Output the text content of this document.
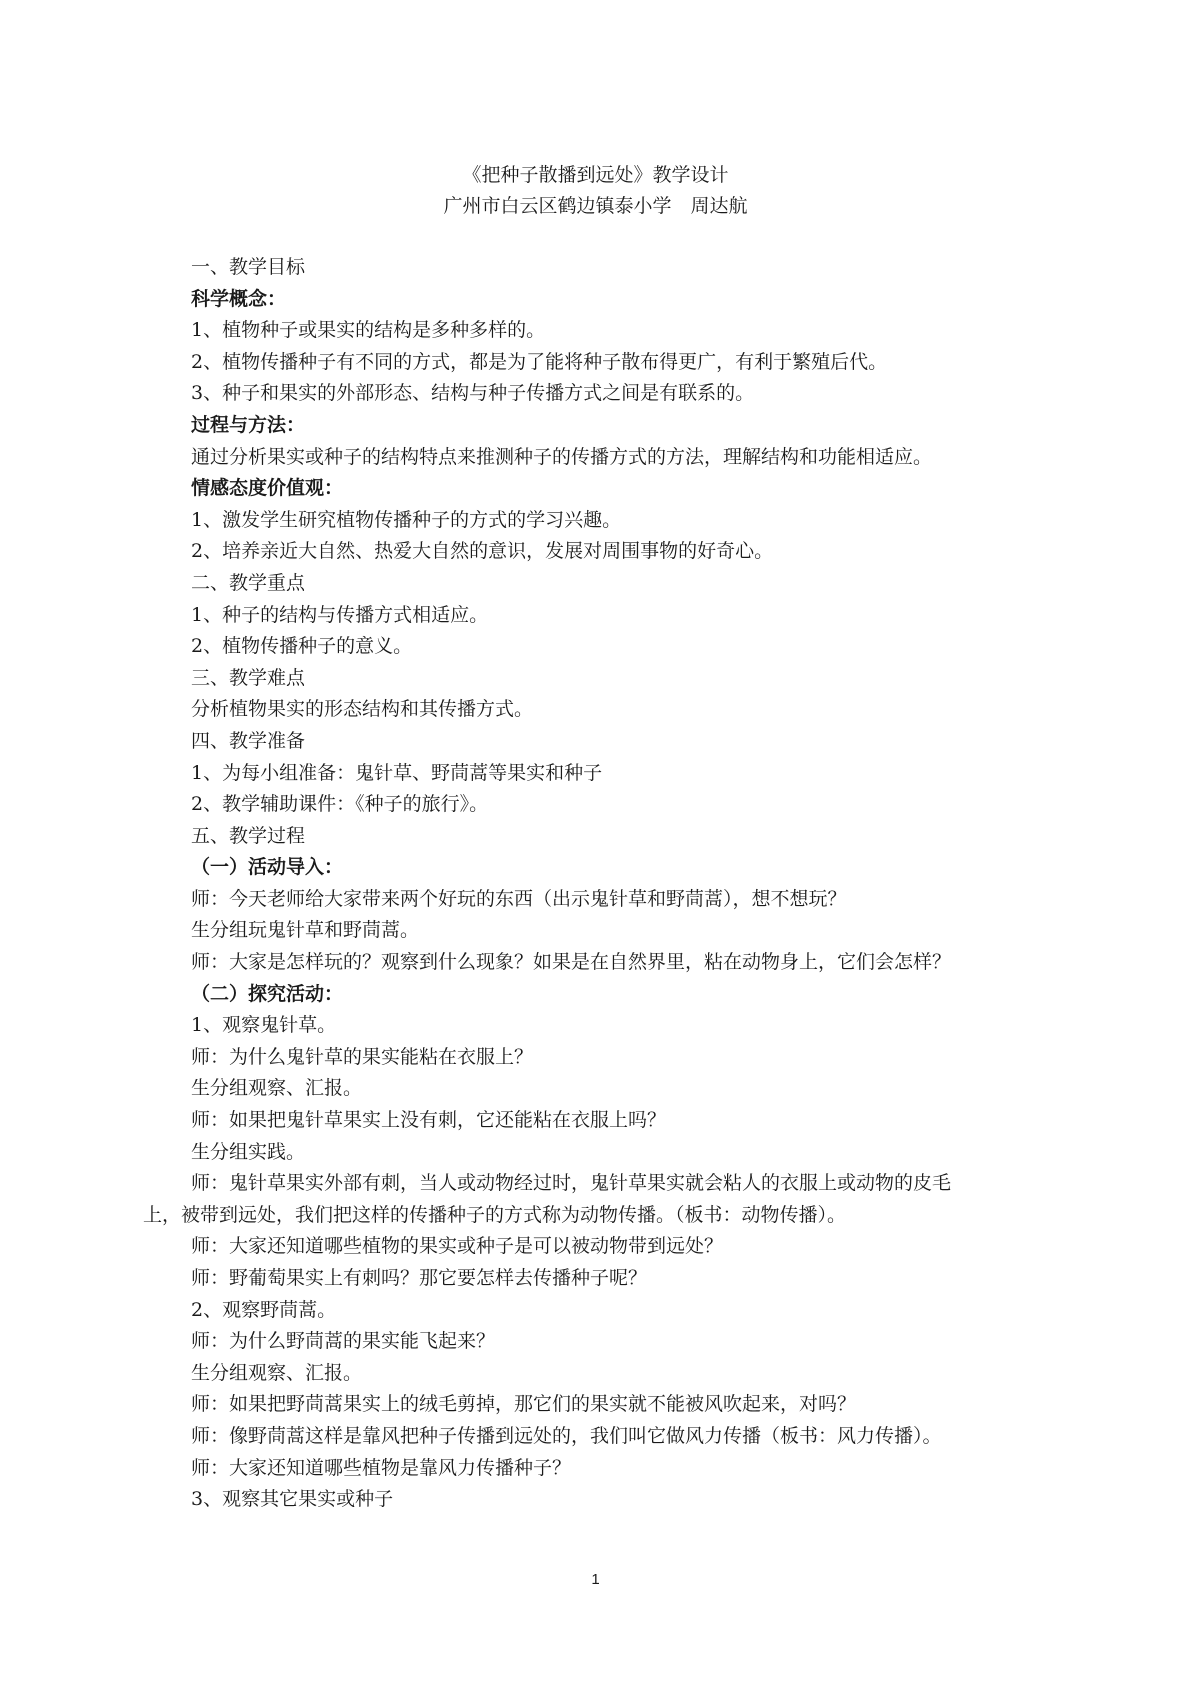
《把种子散播到远处》教学设计
广州市白云区鹤边镇泰小学　周达航
一、教学目标
科学概念：
1、植物种子或果实的结构是多种多样的。
2、植物传播种子有不同的方式，都是为了能将种子散布得更广，有利于繁殖后代。
3、种子和果实的外部形态、结构与种子传播方式之间是有联系的。
过程与方法：
通过分析果实或种子的结构特点来推测种子的传播方式的方法，理解结构和功能相适应。
情感态度价值观：
1、激发学生研究植物传播种子的方式的学习兴趣。
2、培养亲近大自然、热爱大自然的意识，发展对周围事物的好奇心。
二、教学重点
1、种子的结构与传播方式相适应。
2、植物传播种子的意义。
三、教学难点
分析植物果实的形态结构和其传播方式。
四、教学准备
1、为每小组准备：鬼针草、野茼蒿等果实和种子
2、教学辅助课件：《种子的旅行》。
五、教学过程
（一）活动导入：
师：今天老师给大家带来两个好玩的东西（出示鬼针草和野茼蒿），想不想玩？
生分组玩鬼针草和野茼蒿。
师：大家是怎样玩的？观察到什么现象？如果是在自然界里，粘在动物身上，它们会怎样？
（二）探究活动：
1、观察鬼针草。
师：为什么鬼针草的果实能粘在衣服上？
生分组观察、汇报。
师：如果把鬼针草果实上没有刺，它还能粘在衣服上吗？
生分组实践。
师：鬼针草果实外部有刺，当人或动物经过时，鬼针草果实就会粘人的衣服上或动物的皮毛
上，被带到远处，我们把这样的传播种子的方式称为动物传播。（板书：动物传播）。
师：大家还知道哪些植物的果实或种子是可以被动物带到远处？
师：野葡萄果实上有刺吗？那它要怎样去传播种子呢？
2、观察野茼蒿。
师：为什么野茼蒿的果实能飞起来？
生分组观察、汇报。
师：如果把野茼蒿果实上的绒毛剪掉，那它们的果实就不能被风吹起来，对吗？
师：像野茼蒿这样是靠风把种子传播到远处的，我们叫它做风力传播（板书：风力传播）。
师：大家还知道哪些植物是靠风力传播种子？
3、观察其它果实或种子
1
